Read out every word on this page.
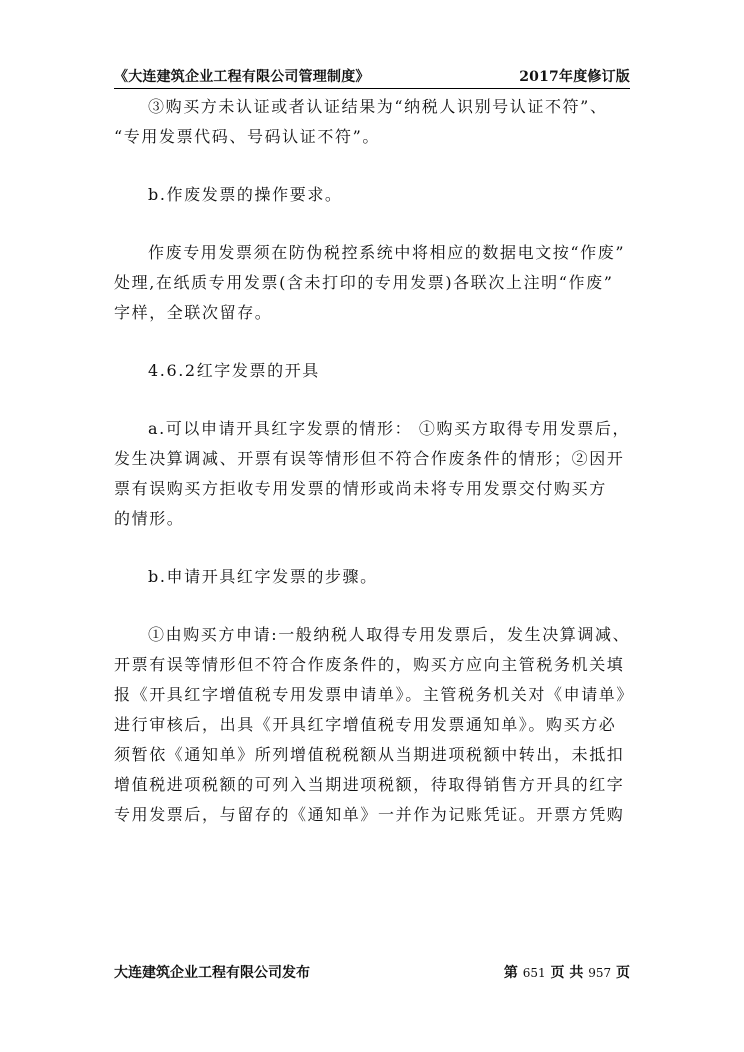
《大连建筑企业工程有限公司管理制度》	2017年度修订版

③购买方未认证或者认证结果为“纳税人识别号认证不符”、
“专用发票代码、号码认证不符”。

b.作废发票的操作要求。

作废专用发票须在防伪税控系统中将相应的数据电文按“作废”
处理,在纸质专用发票(含未打印的专用发票)各联次上注明“作废”
字样，全联次留存。

4.6.2红字发票的开具

a.可以申请开具红字发票的情形： ①购买方取得专用发票后，
发生决算调减、开票有误等情形但不符合作废条件的情形；②因开
票有误购买方拒收专用发票的情形或尚未将专用发票交付购买方
的情形。

b.申请开具红字发票的步骤。

①由购买方申请:一般纳税人取得专用发票后，发生决算调减、
开票有误等情形但不符合作废条件的，购买方应向主管税务机关填
报《开具红字增值税专用发票申请单》。主管税务机关对《申请单》
进行审核后，出具《开具红字增值税专用发票通知单》。购买方必
须暂依《通知单》所列增值税税额从当期进项税额中转出，未抵扣
增值税进项税额的可列入当期进项税额，待取得销售方开具的红字
专用发票后，与留存的《通知单》一并作为记账凭证。开票方凭购

大连建筑企业工程有限公司发布	第 651 页 共 957 页
